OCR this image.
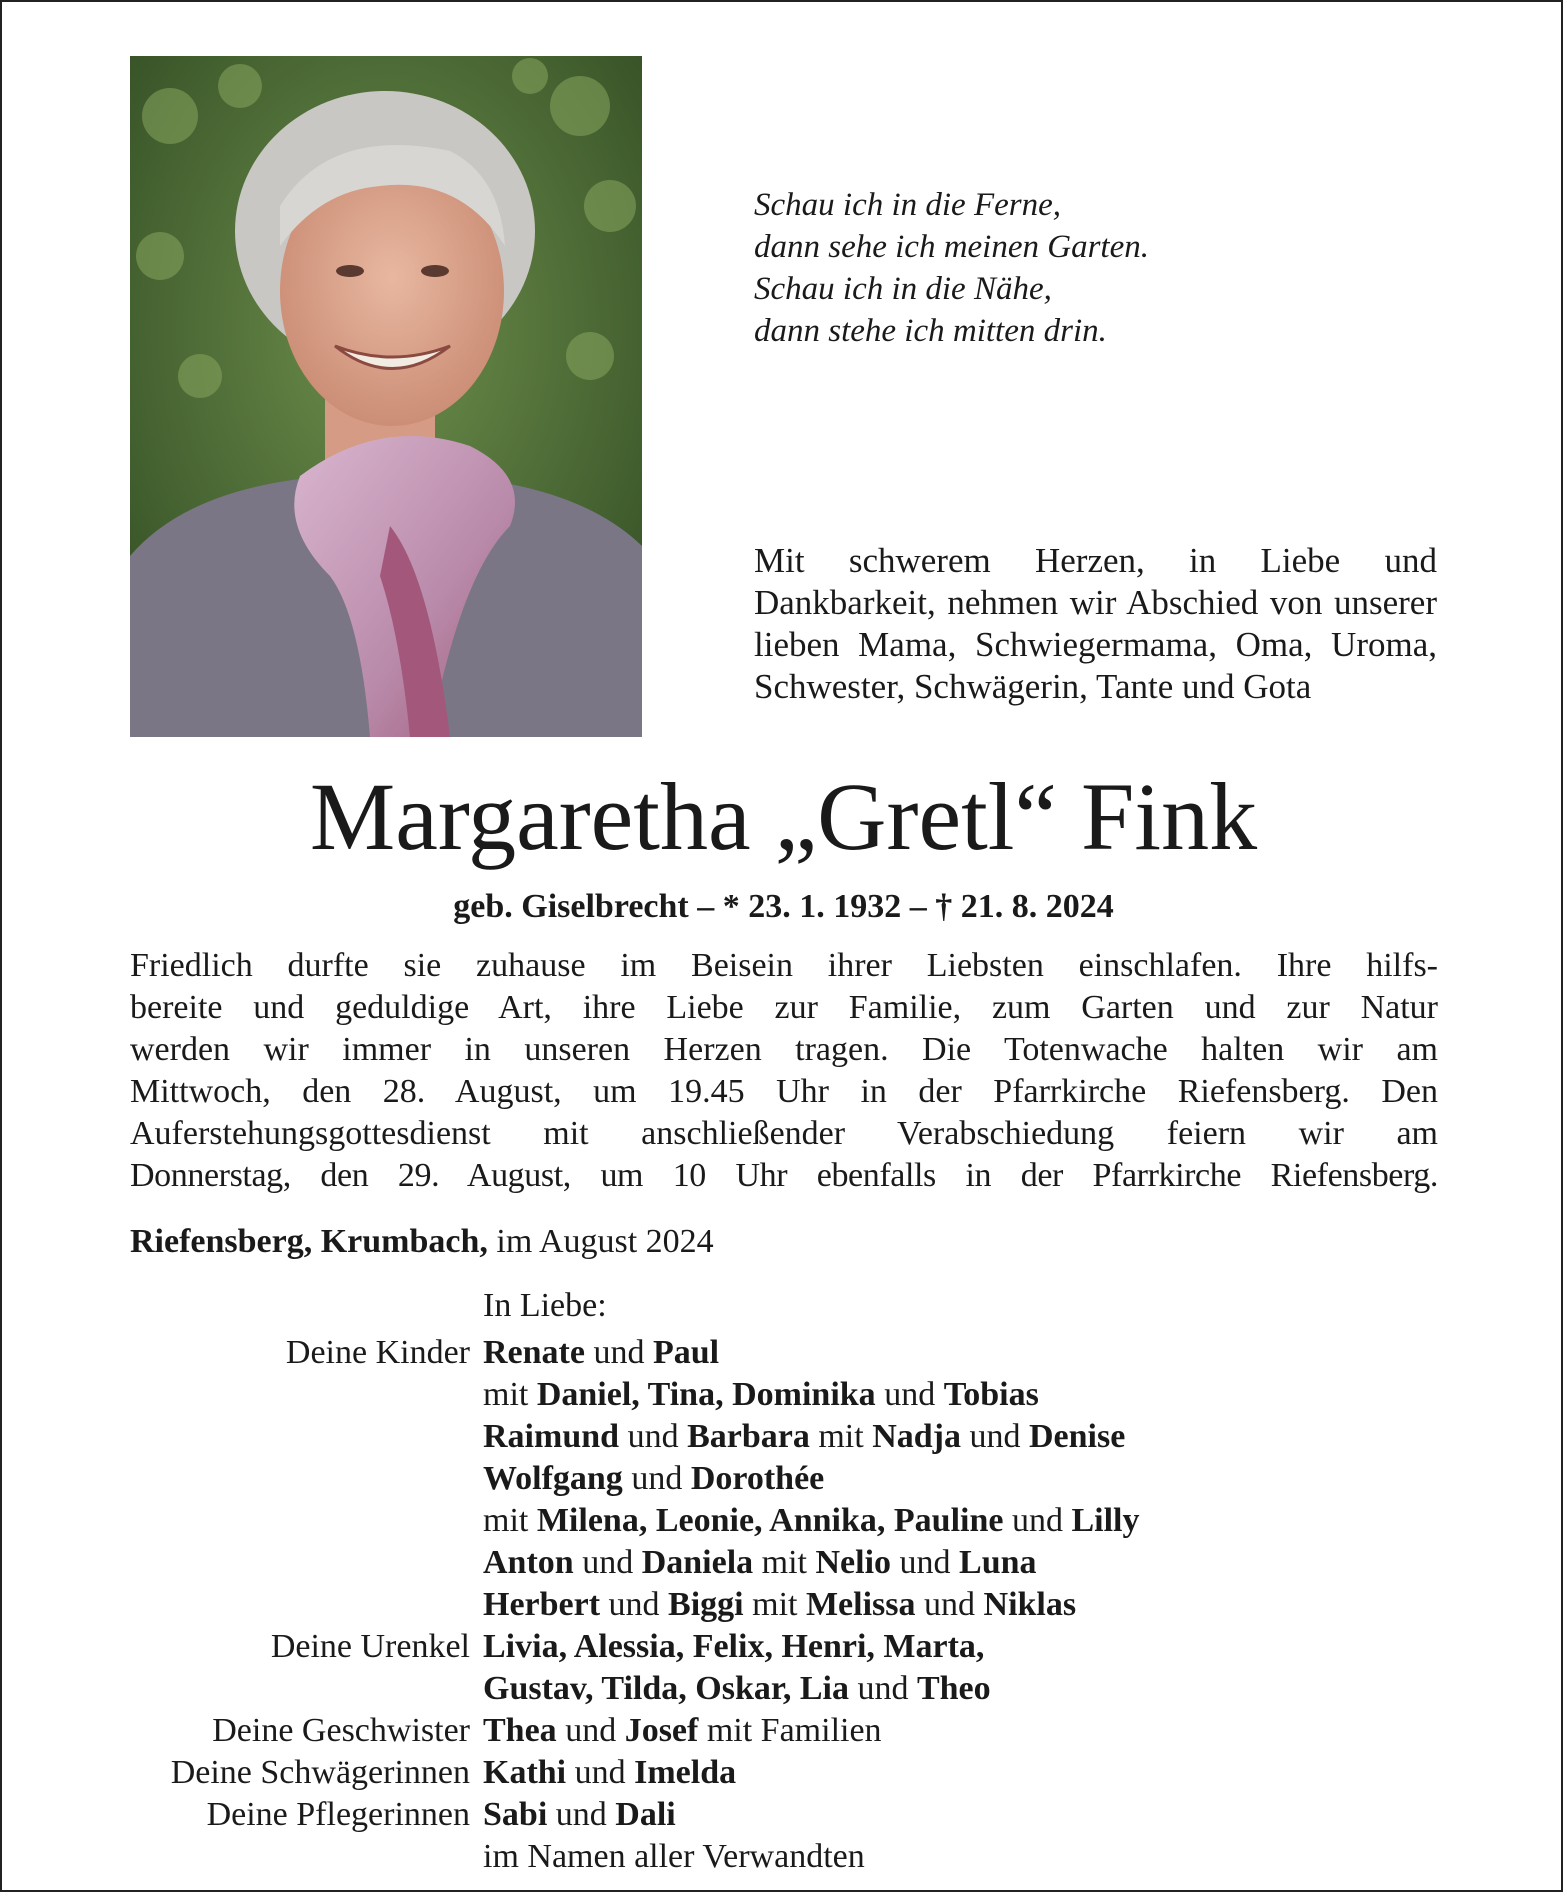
Schau ich in die Ferne,
dann sehe ich meinen Garten.
Schau ich in die Nähe,
dann stehe ich mitten drin.
Mit schwerem Herzen, in Liebe und Dankbarkeit, nehmen wir Abschied von unserer lieben Mama, Schwiegermama, Oma, Uroma, Schwester, Schwägerin, Tante und Gota
Margaretha „Gretl“ Fink
geb. Giselbrecht – * 23. 1. 1932 – † 21. 8. 2024
Friedlich durfte sie zuhause im Beisein ihrer Liebsten einschlafen. Ihre hilfs-
bereite und geduldige Art, ihre Liebe zur Familie, zum Garten und zur Natur
werden wir immer in unseren Herzen tragen. Die Totenwache halten wir am
Mittwoch, den 28. August, um 19.45 Uhr in der Pfarrkirche Riefensberg. Den
Auferstehungsgottesdienst mit anschließender Verabschiedung feiern wir am
Donnerstag, den 29. August, um 10 Uhr ebenfalls in der Pfarrkirche Riefensberg.
Riefensberg, Krumbach, im August 2024
In Liebe:
Deine Kinder Renate und Paul
mit Daniel, Tina, Dominika und Tobias
Raimund und Barbara mit Nadja und Denise
Wolfgang und Dorothée
mit Milena, Leonie, Annika, Pauline und Lilly
Anton und Daniela mit Nelio und Luna
Herbert und Biggi mit Melissa und Niklas
Deine Urenkel Livia, Alessia, Felix, Henri, Marta,
Gustav, Tilda, Oskar, Lia und Theo
Deine Geschwister Thea und Josef mit Familien
Deine Schwägerinnen Kathi und Imelda
Deine Pflegerinnen Sabi und Dali
im Namen aller Verwandten
